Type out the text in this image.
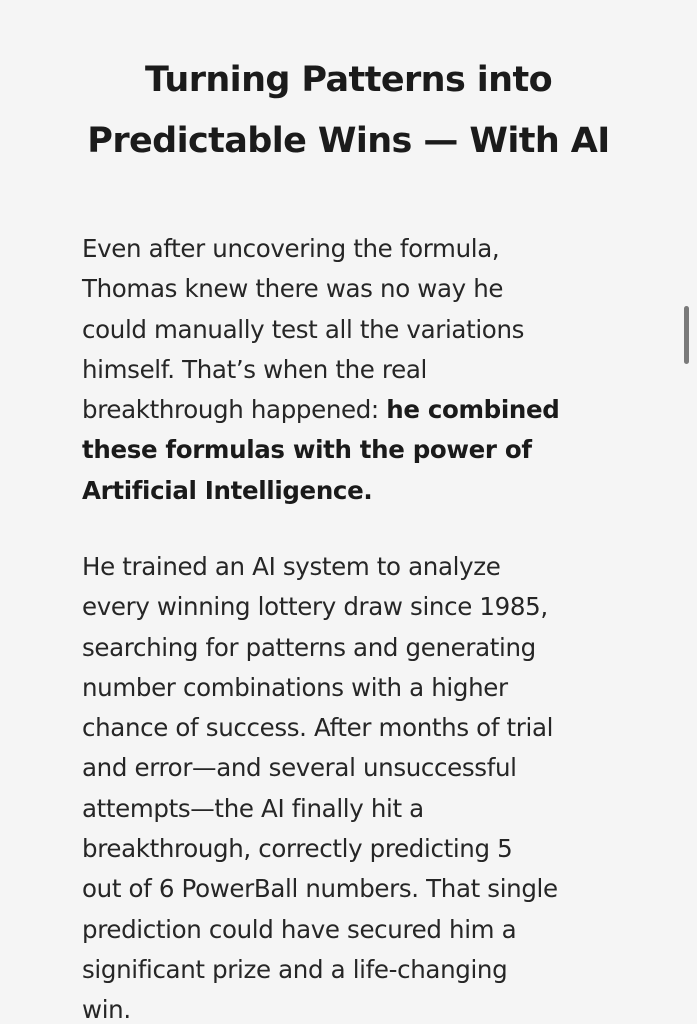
Turning Patterns into
Predictable Wins — With AI

Even after uncovering the formula,
Thomas knew there was no way he
could manually test all the variations
himself. That’s when the real
breakthrough happened: he combined
these formulas with the power of
Artificial Intelligence.

He trained an AI system to analyze
every winning lottery draw since 1985,
searching for patterns and generating
number combinations with a higher
chance of success. After months of trial
and error—and several unsuccessful
attempts—the AI finally hit a
breakthrough, correctly predicting 5
out of 6 PowerBall numbers. That single
prediction could have secured him a
significant prize and a life-changing
win.
